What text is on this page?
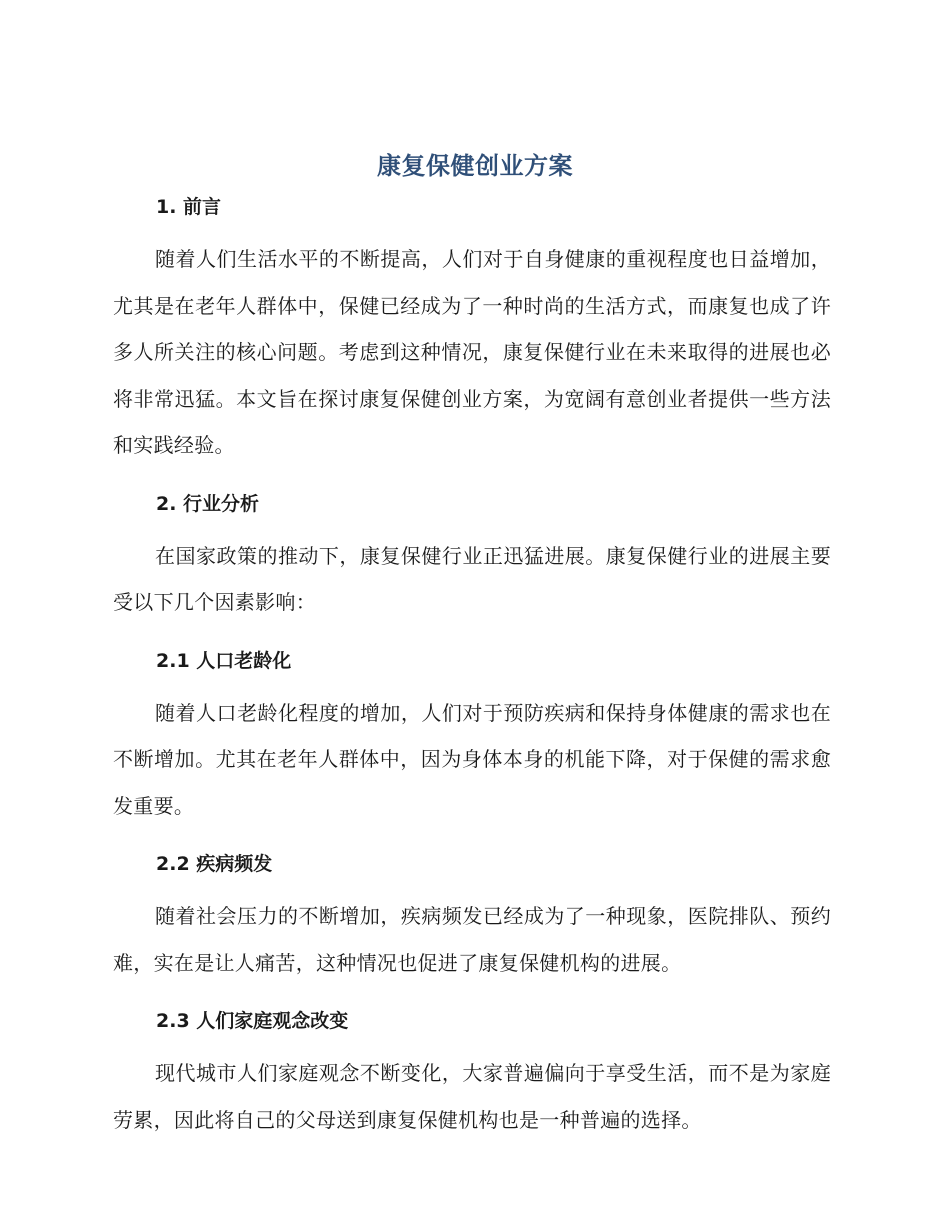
康复保健创业方案
1. 前言

随着人们生活水平的不断提高，人们对于自身健康的重视程度也日益增加，尤其是在老年人群体中，保健已经成为了一种时尚的生活方式，而康复也成了许多人所关注的核心问题。考虑到这种情况，康复保健行业在未来取得的进展也必将非常迅猛。本文旨在探讨康复保健创业方案，为宽阔有意创业者提供一些方法和实践经验。

2. 行业分析

在国家政策的推动下，康复保健行业正迅猛进展。康复保健行业的进展主要受以下几个因素影响：

2.1 人口老龄化

随着人口老龄化程度的增加，人们对于预防疾病和保持身体健康的需求也在不断增加。尤其在老年人群体中，因为身体本身的机能下降，对于保健的需求愈发重要。

2.2 疾病频发

随着社会压力的不断增加，疾病频发已经成为了一种现象，医院排队、预约难，实在是让人痛苦，这种情况也促进了康复保健机构的进展。

2.3 人们家庭观念改变

现代城市人们家庭观念不断变化，大家普遍偏向于享受生活，而不是为家庭劳累，因此将自己的父母送到康复保健机构也是一种普遍的选择。
